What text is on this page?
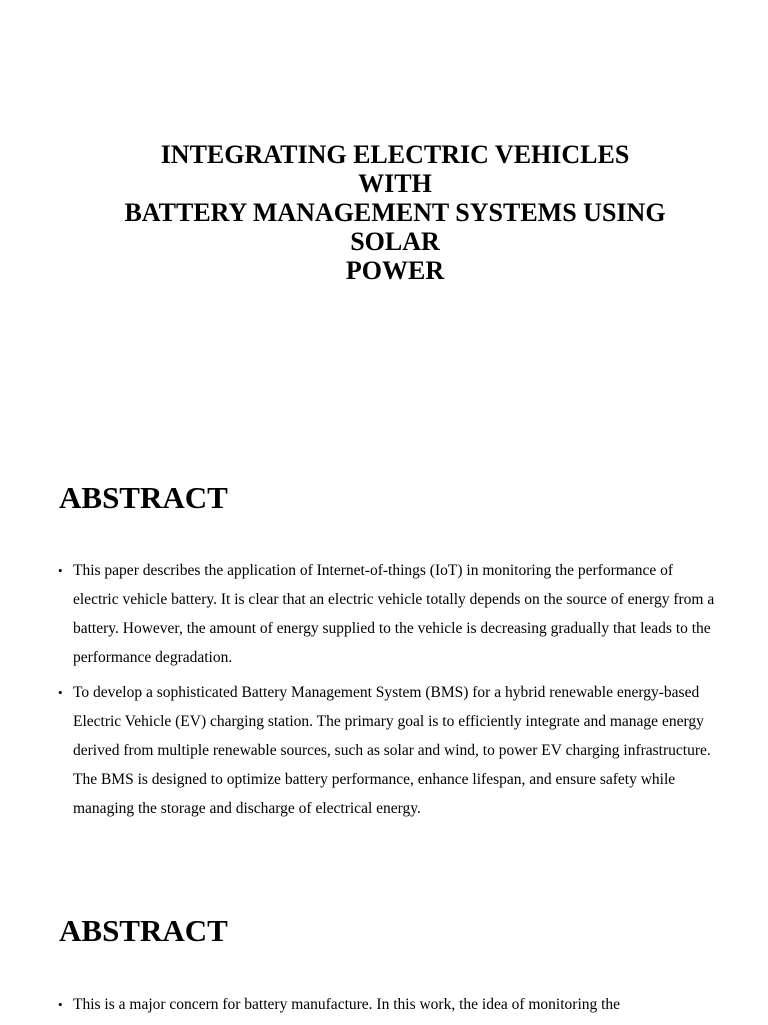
INTEGRATING ELECTRIC VEHICLES
WITH
BATTERY MANAGEMENT SYSTEMS USING
SOLAR
POWER
ABSTRACT
• This paper describes the application of Internet-of-things (IoT) in monitoring the performance of electric vehicle battery. It is clear that an electric vehicle totally depends on the source of energy from a battery. However, the amount of energy supplied to the vehicle is decreasing gradually that leads to the performance degradation.
• To develop a sophisticated Battery Management System (BMS) for a hybrid renewable energy-based Electric Vehicle (EV) charging station. The primary goal is to efficiently integrate and manage energy derived from multiple renewable sources, such as solar and wind, to power EV charging infrastructure. The BMS is designed to optimize battery performance, enhance lifespan, and ensure safety while managing the storage and discharge of electrical energy.
ABSTRACT
• This is a major concern for battery manufacture. In this work, the idea of monitoring the
